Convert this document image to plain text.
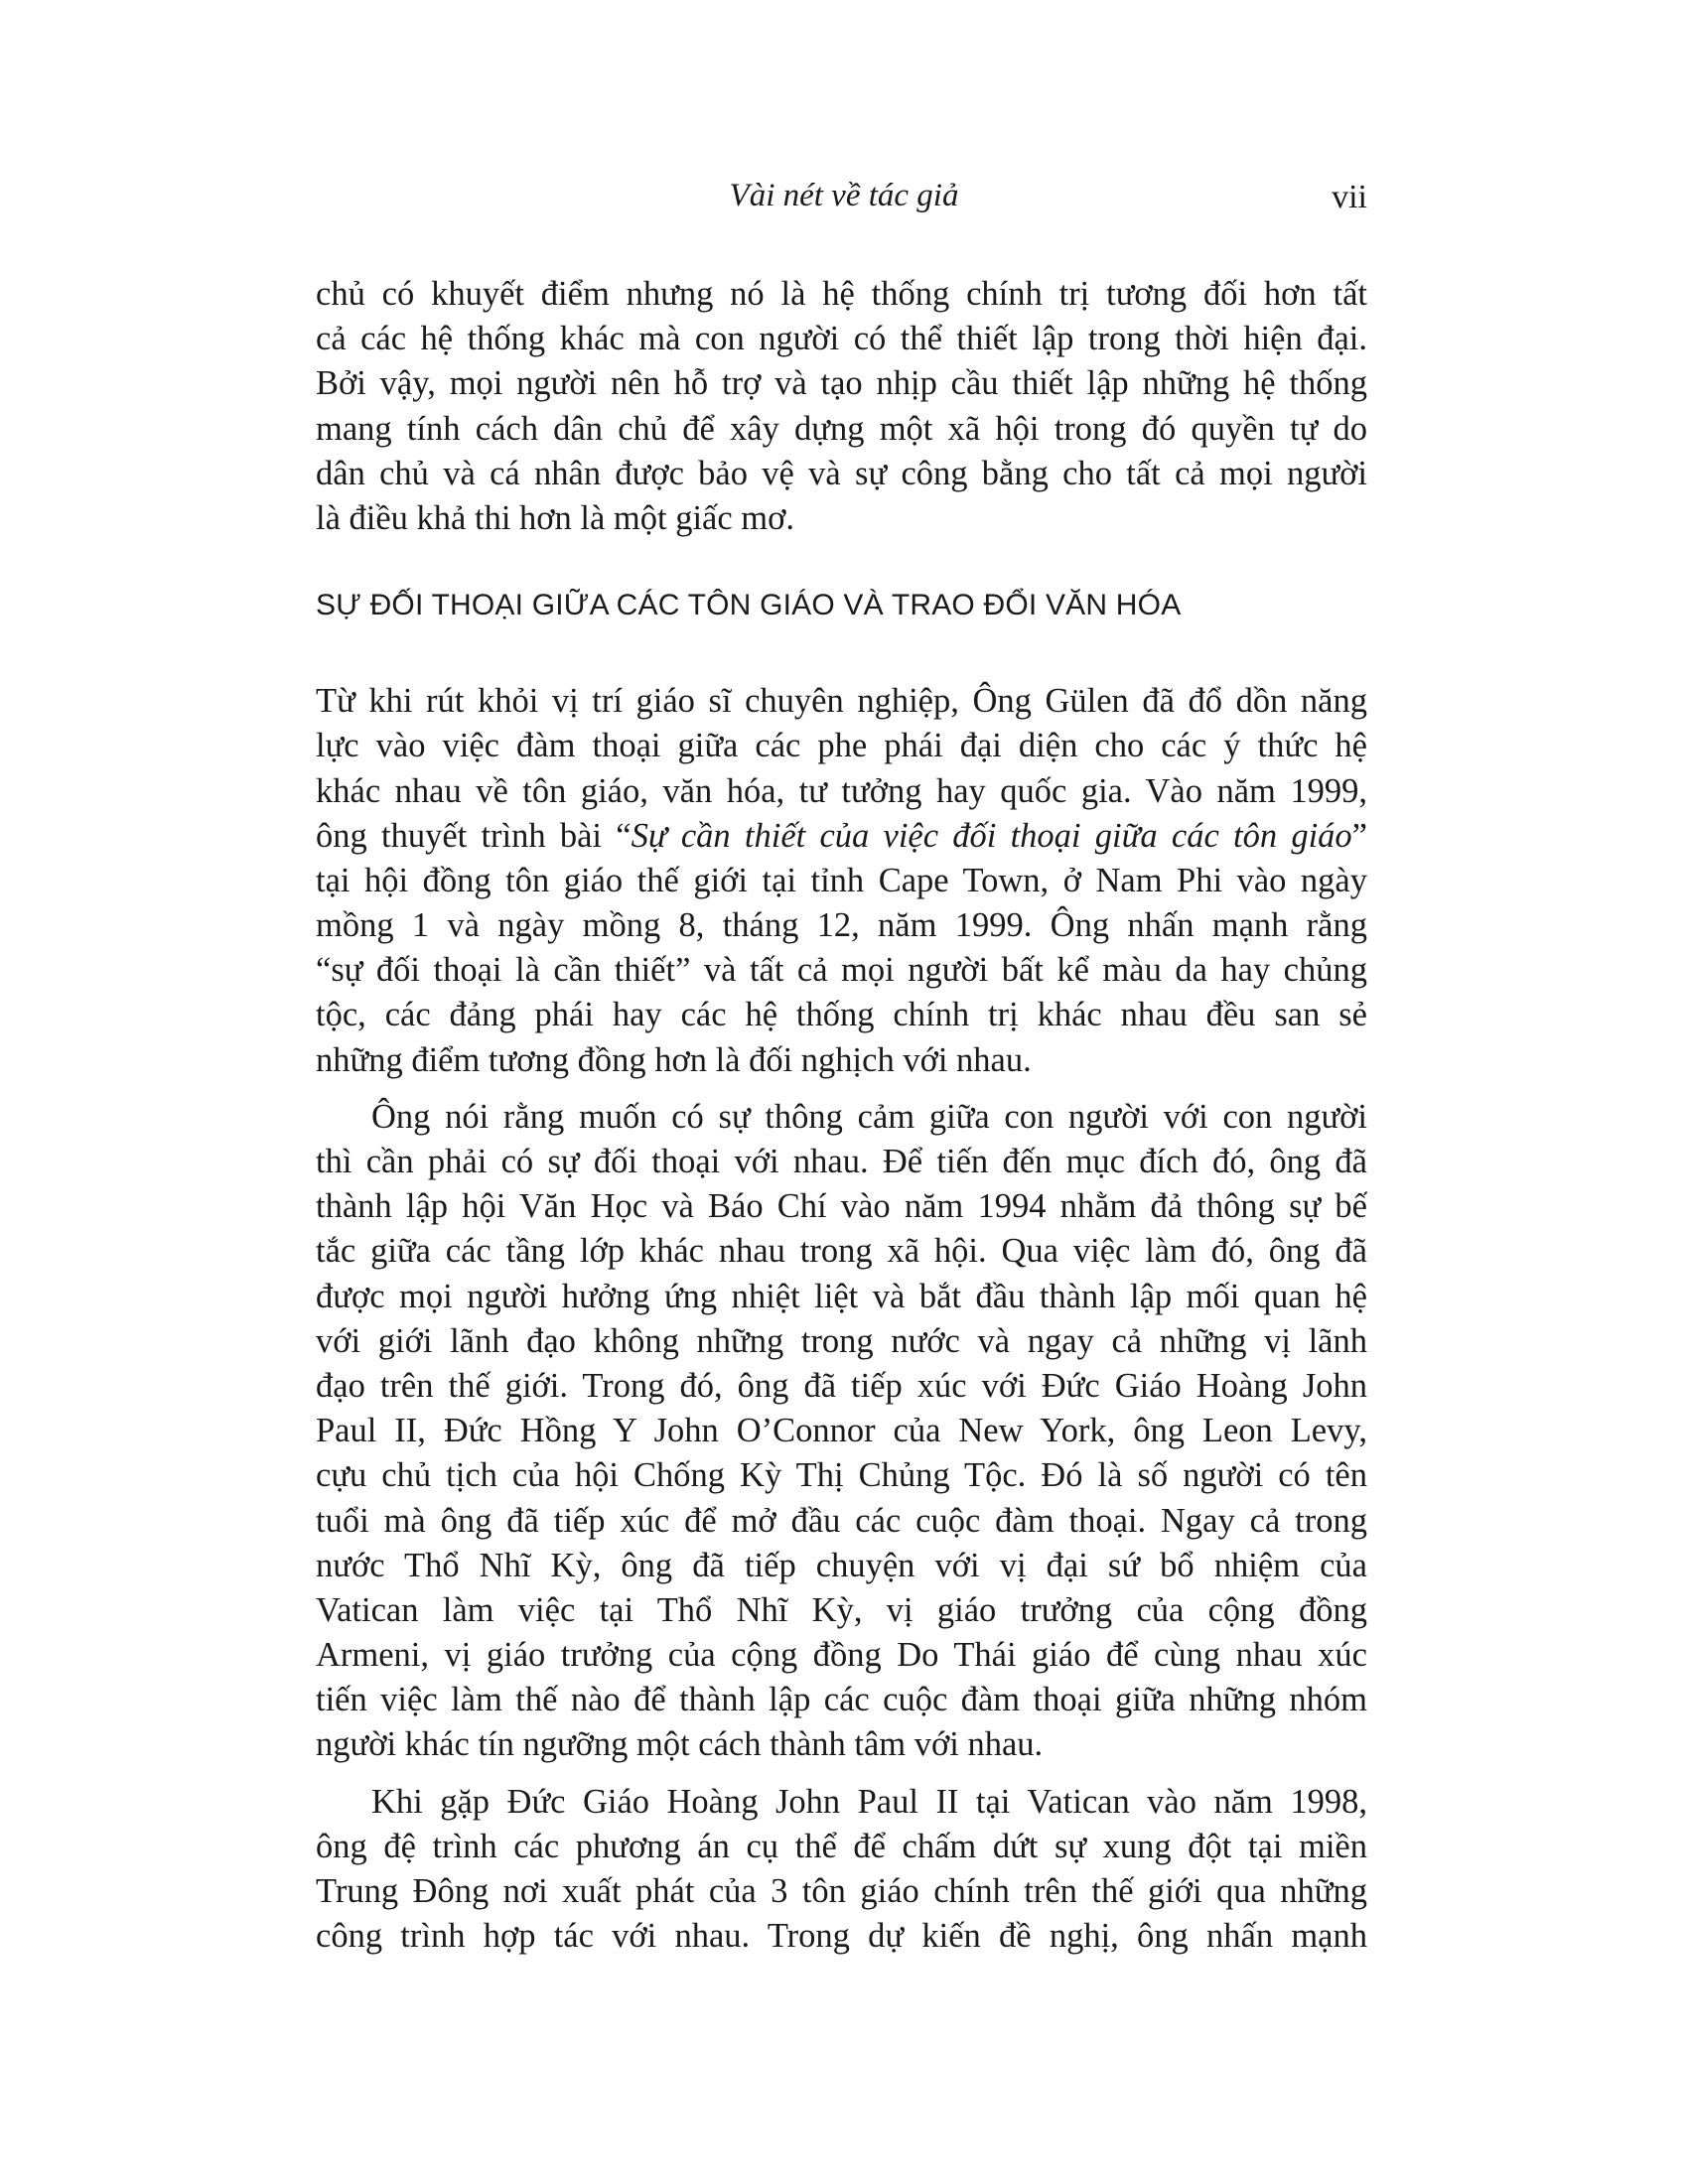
Vài nét về tác giả	vii
chủ có khuyết điểm nhưng nó là hệ thống chính trị tương đối hơn tất
cả các hệ thống khác mà con người có thể thiết lập trong thời hiện đại.
Bởi vậy, mọi người nên hỗ trợ và tạo nhịp cầu thiết lập những hệ thống
mang tính cách dân chủ để xây dựng một xã hội trong đó quyền tự do
dân chủ và cá nhân được bảo vệ và sự công bằng cho tất cả mọi người
là điều khả thi hơn là một giấc mơ.
SỰ ĐỐI THOẠI GIỮA CÁC TÔN GIÁO VÀ TRAO ĐỔI VĂN HÓA
Từ khi rút khỏi vị trí giáo sĩ chuyên nghiệp, Ông Gülen đã đổ dồn năng
lực vào việc đàm thoại giữa các phe phái đại diện cho các ý thức hệ
khác nhau về tôn giáo, văn hóa, tư tưởng hay quốc gia. Vào năm 1999,
ông thuyết trình bài “Sự cần thiết của việc đối thoại giữa các tôn giáo”
tại hội đồng tôn giáo thế giới tại tỉnh Cape Town, ở Nam Phi vào ngày
mồng 1 và ngày mồng 8, tháng 12, năm 1999. Ông nhấn mạnh rằng
“sự đối thoại là cần thiết” và tất cả mọi người bất kể màu da hay chủng
tộc, các đảng phái hay các hệ thống chính trị khác nhau đều san sẻ
những điểm tương đồng hơn là đối nghịch với nhau.
Ông nói rằng muốn có sự thông cảm giữa con người với con người
thì cần phải có sự đối thoại với nhau. Để tiến đến mục đích đó, ông đã
thành lập hội Văn Học và Báo Chí vào năm 1994 nhằm đả thông sự bế
tắc giữa các tầng lớp khác nhau trong xã hội. Qua việc làm đó, ông đã
được mọi người hưởng ứng nhiệt liệt và bắt đầu thành lập mối quan hệ
với giới lãnh đạo không những trong nước và ngay cả những vị lãnh
đạo trên thế giới. Trong đó, ông đã tiếp xúc với Đức Giáo Hoàng John
Paul II, Đức Hồng Y John O’Connor của New York, ông Leon Levy,
cựu chủ tịch của hội Chống Kỳ Thị Chủng Tộc. Đó là số người có tên
tuổi mà ông đã tiếp xúc để mở đầu các cuộc đàm thoại. Ngay cả trong
nước Thổ Nhĩ Kỳ, ông đã tiếp chuyện với vị đại sứ bổ nhiệm của
Vatican làm việc tại Thổ Nhĩ Kỳ, vị giáo trưởng của cộng đồng
Armeni, vị giáo trưởng của cộng đồng Do Thái giáo để cùng nhau xúc
tiến việc làm thế nào để thành lập các cuộc đàm thoại giữa những nhóm
người khác tín ngưỡng một cách thành tâm với nhau.
Khi gặp Đức Giáo Hoàng John Paul II tại Vatican vào năm 1998,
ông đệ trình các phương án cụ thể để chấm dứt sự xung đột tại miền
Trung Đông nơi xuất phát của 3 tôn giáo chính trên thế giới qua những
công trình hợp tác với nhau. Trong dự kiến đề nghị, ông nhấn mạnh
